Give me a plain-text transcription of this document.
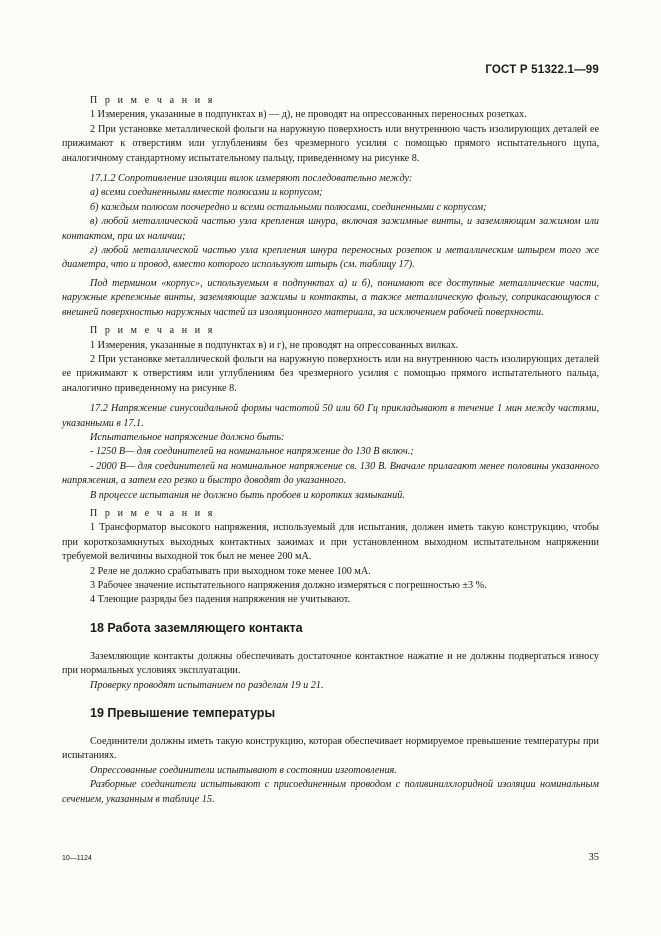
ГОСТ Р 51322.1—99

П р и м е ч а н и я

1 Измерения, указанные в подпунктах в) — д), не проводят на опрессованных переносных розетках.

2 При установке металлической фольги на наружную поверхность или внутреннюю часть изолирующих деталей ее прижимают к отверстиям или углублениям без чрезмерного усилия с помощью прямого испытательного щупа, аналогичному стандартному испытательному пальцу, приведенному на рисунке 8.

17.1.2 Сопротивление изоляции вилок измеряют последовательно между:

а) всеми соединенными вместе полюсами и корпусом;

б) каждым полюсом поочередно и всеми остальными полюсами, соединенными с корпусом;

в) любой металлической частью узла крепления шнура, включая зажимные винты, и заземляющим зажимом или контактом, при их наличии;

г) любой металлической частью узла крепления шнура переносных розеток и металлическим штырем того же диаметра, что и провод, вместо которого используют штырь (см. таблицу 17).

Под термином «корпус», используемым в подпунктах а) и б), понимают все доступные металлические части, наружные крепежные винты, заземляющие зажимы и контакты, а также металлическую фольгу, соприкасающуюся с внешней поверхностью наружных частей из изоляционного материала, за исключением рабочей поверхности.

П р и м е ч а н и я

1 Измерения, указанные в подпунктах в) и г), не проводят на опрессованных вилках.

2 При установке металлической фольги на наружную поверхность или на внутреннюю часть изолирующих деталей ее прижимают к отверстиям или углублениям без чрезмерного усилия с помощью прямого испытательного пальца, аналогично приведенному на рисунке 8.

17.2 Напряжение синусоидальной формы частотой 50 или 60 Гц прикладывают в течение 1 мин между частями, указанными в 17.1.

Испытательное напряжение должно быть:

- 1250 В— для соединителей на номинальное напряжение до 130 В включ.;

- 2000 В— для соединителей на номинальное напряжение св. 130 В. Вначале прилагают менее половины указанного напряжения, а затем его резко и быстро доводят до указанного.

В процессе испытания не должно быть пробоев и коротких замыканий.

П р и м е ч а н и я

1 Трансформатор высокого напряжения, используемый для испытания, должен иметь такую конструкцию, чтобы при короткозамкнутых выходных контактных зажимах и при установленном выходном испытательном напряжении требуемой величины выходной ток был не менее 200 мА.

2 Реле не должно срабатывать при выходном токе менее 100 мА.

3 Рабочее значение испытательного напряжения должно измеряться с погрешностью ±3 %.

4 Тлеющие разряды без падения напряжения не учитывают.

18 Работа заземляющего контакта

Заземляющие контакты должны обеспечивать достаточное контактное нажатие и не должны подвергаться износу при нормальных условиях эксплуатации.

Проверку проводят испытанием по разделам 19 и 21.

19 Превышение температуры

Соединители должны иметь такую конструкцию, которая обеспечивает нормируемое превышение температуры при испытаниях.

Опрессованные соединители испытывают в состоянии изготовления.

Разборные соединители испытывают с присоединенным проводом с поливинилхлоридной изоляции номинальным сечением, указанным в таблице 15.

10—1124	35
